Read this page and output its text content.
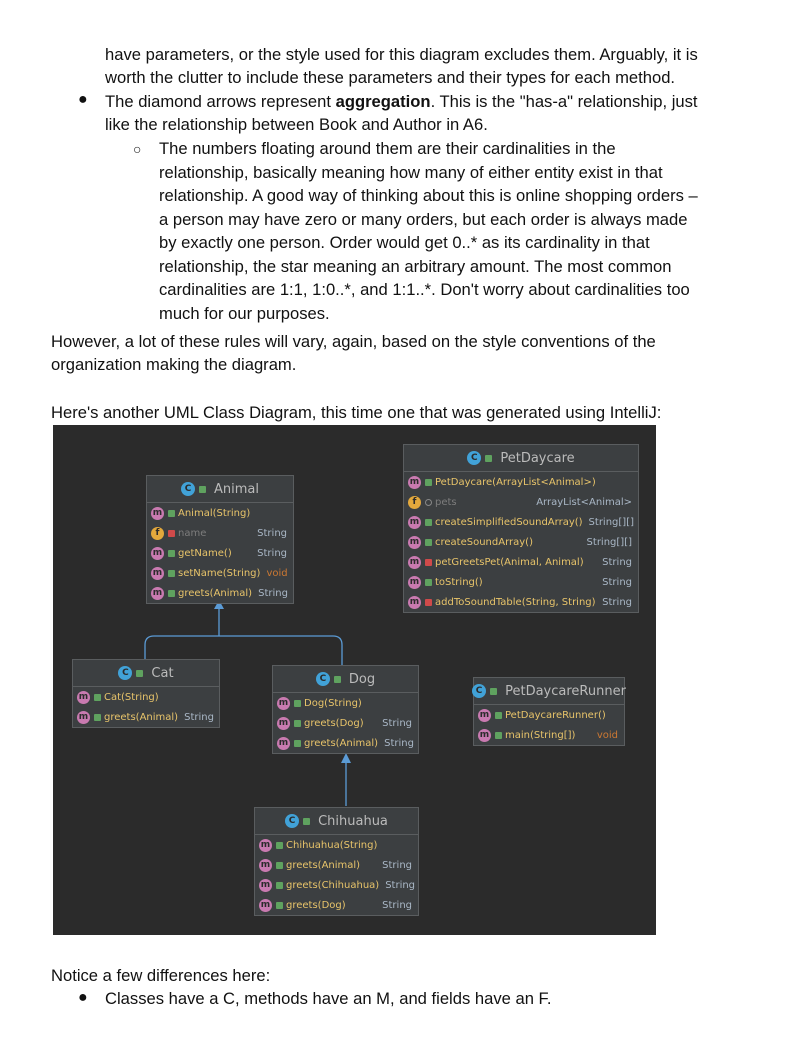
have parameters, or the style used for this diagram excludes them. Arguably, it is

worth the clutter to include these parameters and their types for each method.

● The diamond arrows represent aggregation. This is the "has-a" relationship, just

like the relationship between Book and Author in A6.

○ The numbers floating around them are their cardinalities in the

relationship, basically meaning how many of either entity exist in that

relationship. A good way of thinking about this is online shopping orders –

a person may have zero or many orders, but each order is always made

by exactly one person. Order would get 0..* as its cardinality in that

relationship, the star meaning an arbitrary amount. The most common

cardinalities are 1:1, 1:0..*, and 1:1..*. Don't worry about cardinalities too

much for our purposes.

However, a lot of these rules will vary, again, based on the style conventions of the

organization making the diagram.

Here's another UML Class Diagram, this time one that was generated using IntelliJ:

C Animal
m Animal(String)
f	name	String
m getName()	String
m setName(String) void
m greets(Animal) String
C PetDaycare
m PetDaycare(ArrayList<Animal>)
f	pets	ArrayList<Animal>
m createSimplifiedSoundArray() String[][]
m createSoundArray()	String[][]
m petGreetsPet(Animal, Animal)	String
m toString()	String
m addToSoundTable(String, String) String
C Cat
m Cat(String)
m greets(Animal) String
C Dog
m Dog(String)
m greets(Dog)	String
m greets(Animal) String
C PetDaycareRunner
m PetDaycareRunner()
m main(String[])	void
C Chihuahua
m Chihuahua(String)
m greets(Animal)	String
m greets(Chihuahua) String
m greets(Dog)	String

Notice a few differences here:

● Classes have a C, methods have an M, and fields have an F.
